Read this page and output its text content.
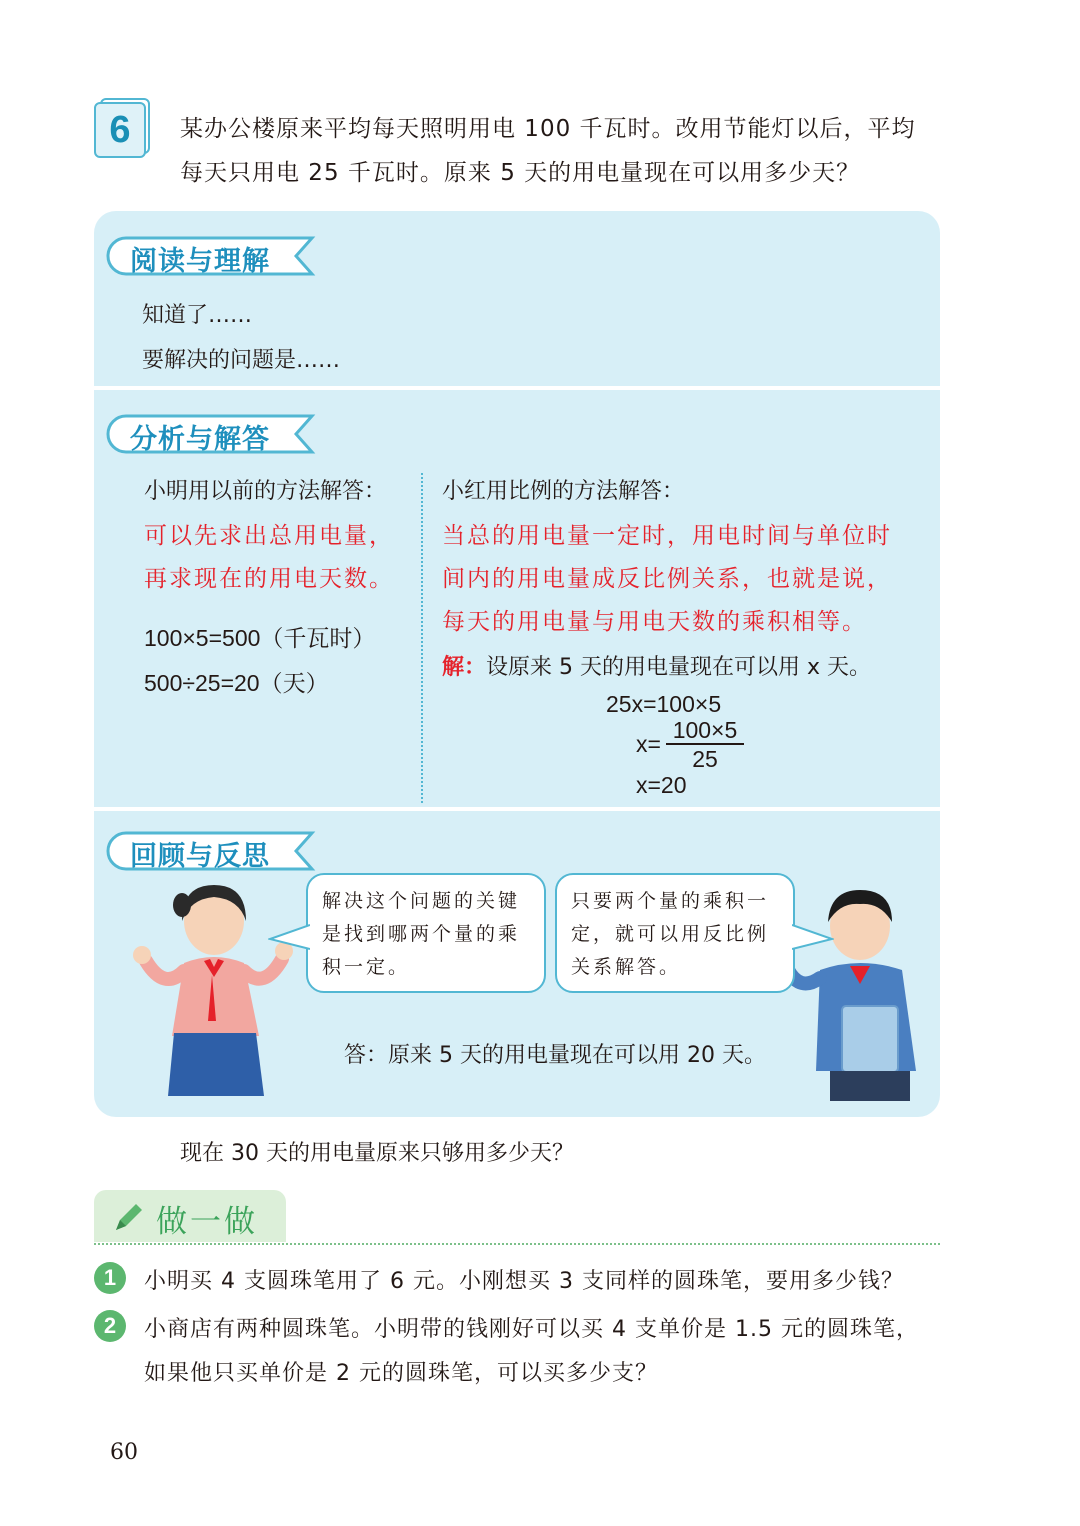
6	某办公楼原来平均每天照明用电 100 千瓦时。改用节能灯以后，平均
每天只用电 25 千瓦时。原来 5 天的用电量现在可以用多少天？
阅读与理解
知道了……
要解决的问题是……
分析与解答
小明用以前的方法解答：
可以先求出总用电量，
再求现在的用电天数。
100×5=500（千瓦时）
500÷25=20（天）
小红用比例的方法解答：
当总的用电量一定时，用电时间与单位时
间内的用电量成反比例关系，也就是说，
每天的用电量与用电天数的乘积相等。
解：设原来 5 天的用电量现在可以用 x 天。
25x=100×5
x=
100×5
25
x=20
回顾与反思
解决这个问题的关键是找到哪两个量的乘积一定。
只要两个量的乘积一定，就可以用反比例关系解答。
答：原来 5 天的用电量现在可以用 20 天。
现在 30 天的用电量原来只够用多少天？
做一做
1	小明买 4 支圆珠笔用了 6 元。小刚想买 3 支同样的圆珠笔，要用多少钱？
2	小商店有两种圆珠笔。小明带的钱刚好可以买 4 支单价是 1.5 元的圆珠笔，
如果他只买单价是 2 元的圆珠笔，可以买多少支？
60
